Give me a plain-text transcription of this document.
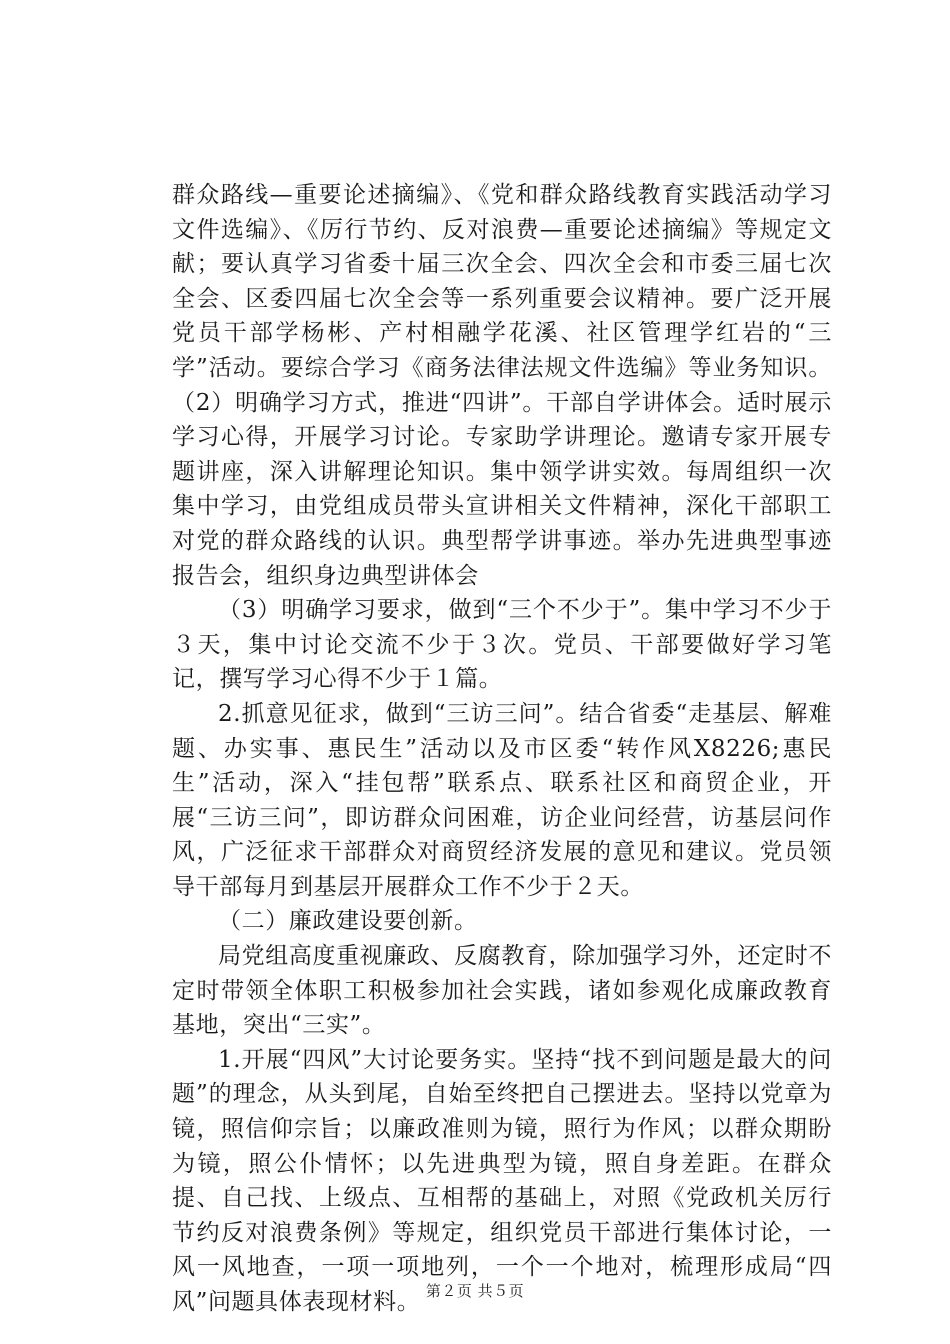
群众路线—重要论述摘编》、《党和群众路线教育实践活动学习文件选编》、《厉行节约、反对浪费—重要论述摘编》等规定文献；要认真学习省委十届三次全会、四次全会和市委三届七次全会、区委四届七次全会等一系列重要会议精神。要广泛开展党员干部学杨彬、产村相融学花溪、社区管理学红岩的“三学”活动。要综合学习《商务法律法规文件选编》等业务知识。（2）明确学习方式，推进“四讲”。干部自学讲体会。适时展示学习心得，开展学习讨论。专家助学讲理论。邀请专家开展专题讲座，深入讲解理论知识。集中领学讲实效。每周组织一次集中学习，由党组成员带头宣讲相关文件精神，深化干部职工对党的群众路线的认识。典型帮学讲事迹。举办先进典型事迹报告会，组织身边典型讲体会

（3）明确学习要求，做到“三个不少于”。集中学习不少于３天，集中讨论交流不少于３次。党员、干部要做好学习笔记，撰写学习心得不少于１篇。

2.抓意见征求，做到“三访三问”。结合省委“走基层、解难题、办实事、惠民生”活动以及市区委“转作风X8226;惠民生”活动，深入“挂包帮”联系点、联系社区和商贸企业，开展“三访三问”，即访群众问困难，访企业问经营，访基层问作风，广泛征求干部群众对商贸经济发展的意见和建议。党员领导干部每月到基层开展群众工作不少于２天。

（二）廉政建设要创新。

局党组高度重视廉政、反腐教育，除加强学习外，还定时不定时带领全体职工积极参加社会实践，诸如参观化成廉政教育基地，突出“三实”。

1.开展“四风”大讨论要务实。坚持“找不到问题是最大的问题”的理念，从头到尾，自始至终把自己摆进去。坚持以党章为镜，照信仰宗旨；以廉政准则为镜，照行为作风；以群众期盼为镜，照公仆情怀；以先进典型为镜，照自身差距。在群众提、自己找、上级点、互相帮的基础上，对照《党政机关厉行节约反对浪费条例》等规定，组织党员干部进行集体讨论，一风一风地查，一项一项地列，一个一个地对，梳理形成局“四风”问题具体表现材料。 第２页 共５页
